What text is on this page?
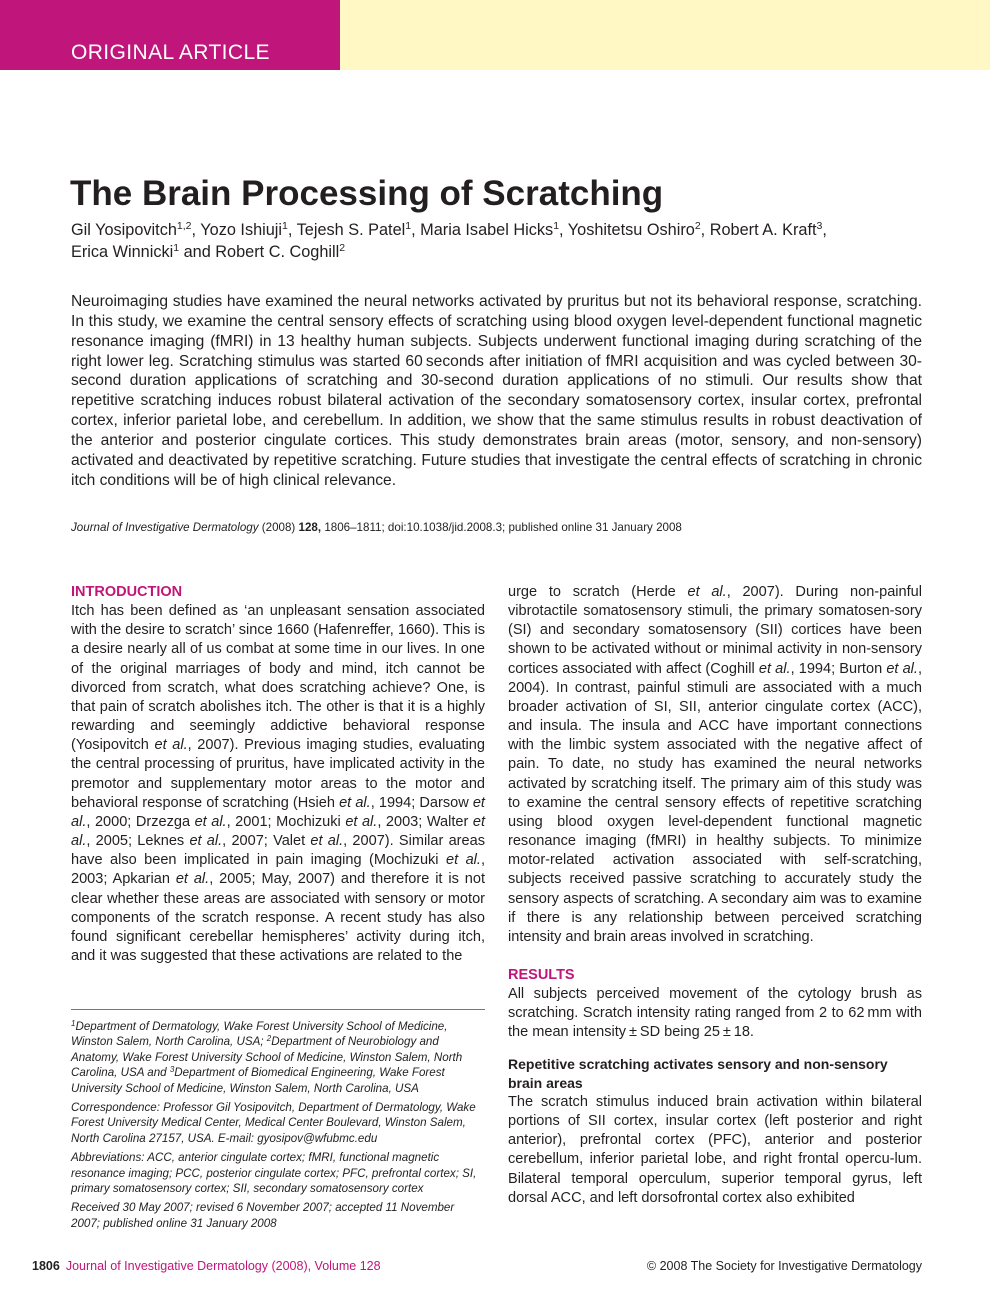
ORIGINAL ARTICLE
The Brain Processing of Scratching

Gil Yosipovitch$^{1,2}$, Yozo Ishiuji$^1$, Tejesh S. Patel$^1$, Maria Isabel Hicks$^1$, Yoshitetsu Oshiro$^2$, Robert A. Kraft$^3$,
Erica Winnicki$^1$ and Robert C. Coghill$^2$

Neuroimaging studies have examined the neural networks activated by pruritus but not its behavioral response, scratching. In this study, we examine the central sensory effects of scratching using blood oxygen level-dependent functional magnetic resonance imaging (fMRI) in 13 healthy human subjects. Subjects underwent functional imaging during scratching of the right lower leg. Scratching stimulus was started 60 seconds after initiation of fMRI acquisition and was cycled between 30-second duration applications of scratching and 30-second duration applications of no stimuli. Our results show that repetitive scratching induces robust bilateral activation of the secondary somatosensory cortex, insular cortex, prefrontal cortex, inferior parietal lobe, and cerebellum. In addition, we show that the same stimulus results in robust deactivation of the anterior and posterior cingulate cortices. This study demonstrates brain areas (motor, sensory, and non-sensory) activated and deactivated by repetitive scratching. Future studies that investigate the central effects of scratching in chronic itch conditions will be of high clinical relevance.

Journal of Investigative Dermatology (2008) 128, 1806–1811; doi:10.1038/jid.2008.3; published online 31 January 2008

INTRODUCTION

Itch has been defined as ‘an unpleasant sensation associated with the desire to scratch’ since 1660 (Hafenreffer, 1660). This is a desire nearly all of us combat at some time in our lives. In one of the original marriages of body and mind, itch cannot be divorced from scratch, what does scratching achieve? One, is that pain of scratch abolishes itch. The other is that it is a highly rewarding and seemingly addictive behavioral response (Yosipovitch et al., 2007). Previous imaging studies, evaluating the central processing of pruritus, have implicated activity in the premotor and supplementary motor areas to the motor and behavioral response of scratching (Hsieh et al., 1994; Darsow et al., 2000; Drzezga et al., 2001; Mochizuki et al., 2003; Walter et al., 2005; Leknes et al., 2007; Valet et al., 2007). Similar areas have also been implicated in pain imaging (Mochizuki et al., 2003; Apkarian et al., 2005; May, 2007) and therefore it is not clear whether these areas are associated with sensory or motor components of the scratch response. A recent study has also found significant cerebellar hemispheres’ activity during itch, and it was suggested that these activations are related to the

urge to scratch (Herde et al., 2007). During non-painful vibrotactile somatosensory stimuli, the primary somatosen-sory (SI) and secondary somatosensory (SII) cortices have been shown to be activated without or minimal activity in non-sensory cortices associated with affect (Coghill et al., 1994; Burton et al., 2004). In contrast, painful stimuli are associated with a much broader activation of SI, SII, anterior cingulate cortex (ACC), and insula. The insula and ACC have important connections with the limbic system associated with the negative affect of pain. To date, no study has examined the neural networks activated by scratching itself. The primary aim of this study was to examine the central sensory effects of repetitive scratching using blood oxygen level-dependent functional magnetic resonance imaging (fMRI) in healthy subjects. To minimize motor-related activation associated with self-scratching, subjects received passive scratching to accurately study the sensory aspects of scratching. A secondary aim was to examine if there is any relationship between perceived scratching intensity and brain areas involved in scratching.

RESULTS

All subjects perceived movement of the cytology brush as scratching. Scratch intensity rating ranged from 2 to 62 mm with the mean intensity ± SD being 25 ± 18.

Repetitive scratching activates sensory and non-sensory brain areas

The scratch stimulus induced brain activation within bilateral portions of SII cortex, insular cortex (left posterior and right anterior), prefrontal cortex (PFC), anterior and posterior cerebellum, inferior parietal lobe, and right frontal opercu-lum. Bilateral temporal operculum, superior temporal gyrus, left dorsal ACC, and left dorsofrontal cortex also exhibited

$^1$Department of Dermatology, Wake Forest University School of Medicine, Winston Salem, North Carolina, USA; $^2$Department of Neurobiology and Anatomy, Wake Forest University School of Medicine, Winston Salem, North Carolina, USA and $^3$Department of Biomedical Engineering, Wake Forest University School of Medicine, Winston Salem, North Carolina, USA

Correspondence: Professor Gil Yosipovitch, Department of Dermatology, Wake Forest University Medical Center, Medical Center Boulevard, Winston Salem, North Carolina 27157, USA. E-mail: gyosipov@wfubmc.edu

Abbreviations: ACC, anterior cingulate cortex; fMRI, functional magnetic resonance imaging; PCC, posterior cingulate cortex; PFC, prefrontal cortex; SI, primary somatosensory cortex; SII, secondary somatosensory cortex

Received 30 May 2007; revised 6 November 2007; accepted 11 November 2007; published online 31 January 2008

1806 Journal of Investigative Dermatology (2008), Volume 128	© 2008 The Society for Investigative Dermatology
